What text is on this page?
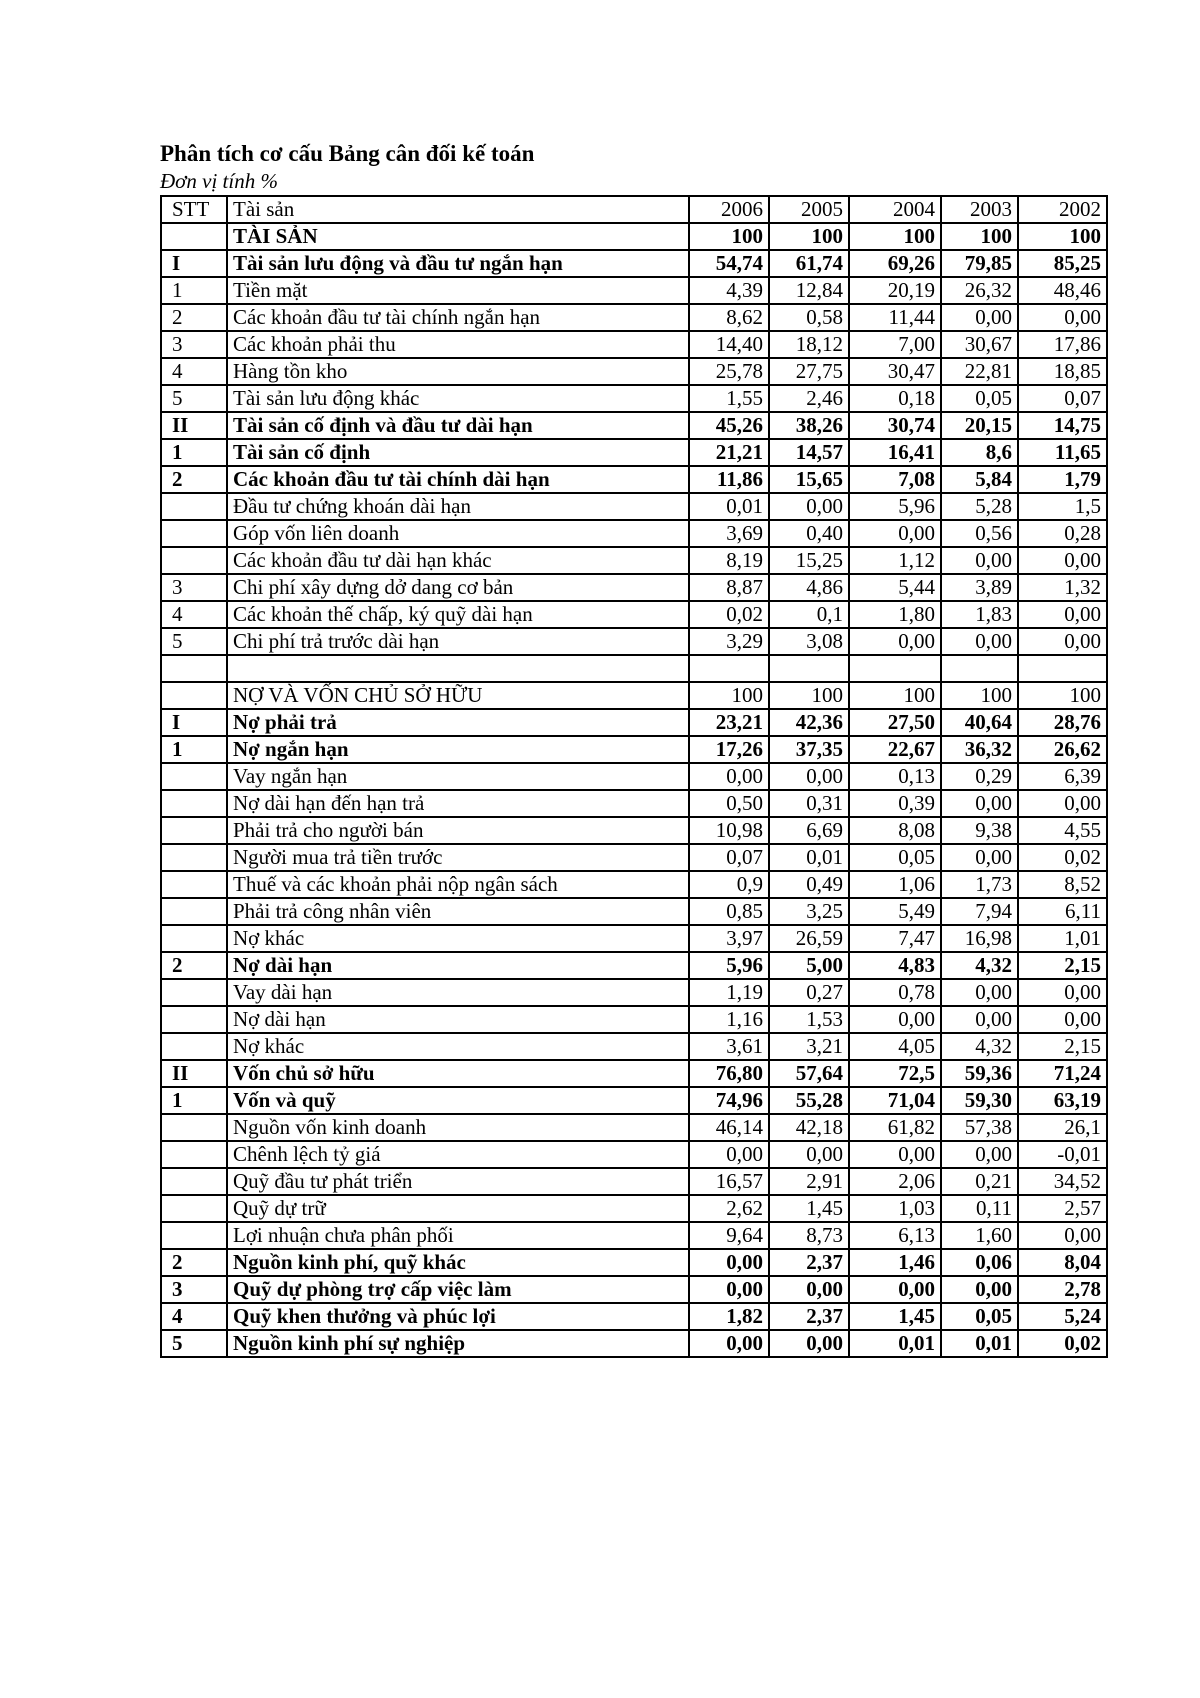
Phân tích cơ cấu Bảng cân đối kế toán
Đơn vị tính %
STT	Tài sản	2006	2005	2004	2003	2002
	TÀI SẢN	100	100	100	100	100
I	Tài sản lưu động và đầu tư ngắn hạn	54,74	61,74	69,26	79,85	85,25
1	Tiền mặt	4,39	12,84	20,19	26,32	48,46
2	Các khoản đầu tư tài chính ngắn hạn	8,62	0,58	11,44	0,00	0,00
3	Các khoản phải thu	14,40	18,12	7,00	30,67	17,86
4	Hàng tồn kho	25,78	27,75	30,47	22,81	18,85
5	Tài sản lưu động khác	1,55	2,46	0,18	0,05	0,07
II	Tài sản cố định và đầu tư dài hạn	45,26	38,26	30,74	20,15	14,75
1	Tài sản cố định	21,21	14,57	16,41	8,6	11,65
2	Các khoản đầu tư tài chính dài hạn	11,86	15,65	7,08	5,84	1,79
	Đầu tư chứng khoán dài hạn	0,01	0,00	5,96	5,28	1,5
	Góp vốn liên doanh	3,69	0,40	0,00	0,56	0,28
	Các khoản đầu tư dài hạn khác	8,19	15,25	1,12	0,00	0,00
3	Chi phí xây dựng dở dang cơ bản	8,87	4,86	5,44	3,89	1,32
4	Các khoản thế chấp, ký quỹ dài hạn	0,02	0,1	1,80	1,83	0,00
5	Chi phí trả trước dài hạn	3,29	3,08	0,00	0,00	0,00

	NỢ VÀ VỐN CHỦ SỞ HỮU	100	100	100	100	100
I	Nợ phải trả	23,21	42,36	27,50	40,64	28,76
1	Nợ ngắn hạn	17,26	37,35	22,67	36,32	26,62
	Vay ngắn hạn	0,00	0,00	0,13	0,29	6,39
	Nợ dài hạn đến hạn trả	0,50	0,31	0,39	0,00	0,00
	Phải trả cho người bán	10,98	6,69	8,08	9,38	4,55
	Người mua trả tiền trước	0,07	0,01	0,05	0,00	0,02
	Thuế và các khoản phải nộp ngân sách	0,9	0,49	1,06	1,73	8,52
	Phải trả công nhân viên	0,85	3,25	5,49	7,94	6,11
	Nợ khác	3,97	26,59	7,47	16,98	1,01
2	Nợ dài hạn	5,96	5,00	4,83	4,32	2,15
	Vay dài hạn	1,19	0,27	0,78	0,00	0,00
	Nợ dài hạn	1,16	1,53	0,00	0,00	0,00
	Nợ khác	3,61	3,21	4,05	4,32	2,15
II	Vốn chủ sở hữu	76,80	57,64	72,5	59,36	71,24
1	Vốn và quỹ	74,96	55,28	71,04	59,30	63,19
	Nguồn vốn kinh doanh	46,14	42,18	61,82	57,38	26,1
	Chênh lệch tỷ giá	0,00	0,00	0,00	0,00	-0,01
	Quỹ đầu tư phát triển	16,57	2,91	2,06	0,21	34,52
	Quỹ dự trữ	2,62	1,45	1,03	0,11	2,57
	Lợi nhuận chưa phân phối	9,64	8,73	6,13	1,60	0,00
2	Nguồn kinh phí, quỹ khác	0,00	2,37	1,46	0,06	8,04
3	Quỹ dự phòng trợ cấp việc làm	0,00	0,00	0,00	0,00	2,78
4	Quỹ khen thưởng và phúc lợi	1,82	2,37	1,45	0,05	5,24
5	Nguồn kinh phí sự nghiệp	0,00	0,00	0,01	0,01	0,02
